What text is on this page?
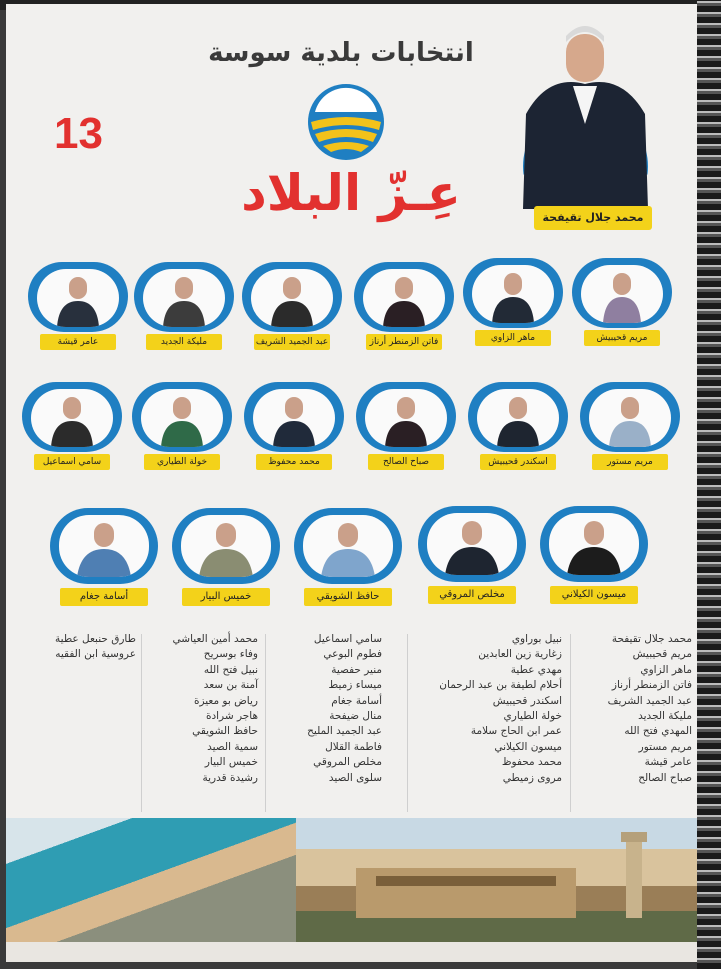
انتخابات بلدية سوسة
13
عِـزّ البلاد	محمد جلال تقيفحة
مريم قحيبيش
ماهر الزاوي
فاتن الزمنطر أرناز
عبد الجميد الشريف
مليكة الجديد
عامر قيشة
مريم مستور
اسكندر قحيبيش
صباح الصالح
محمد محفوظ
خولة الطياري
سامي اسماعيل
ميسون الكيلاني
مخلص المروقي
حافظ الشويقي
خميس البيار
أسامة جغام
محمد جلال تقيفحة
مريم قحيبيش
ماهر الزاوي
فاتن الزمنطر أرناز
عبد الجميد الشريف
مليكة الجديد
المهدي فتح الله
مريم مستور
عامر قيشة
صباح الصالح
نبيل بوراوي
زغارية زين العابدين
مهدي عطية
أحلام لطيفة بن عبد الرحمان
اسكندر قحيبيش
خولة الطياري
عمر ابن الحاج سلامة
ميسون الكيلاني
محمد محفوظ
مروى زميطي
سامي اسماعيل
فطوم البوعي
منير حفصية
ميساء زميط
أسامة جغام
منال ضيفحة
عبد الجميد المليح
فاطمة القلال
مخلص المروقي
سلوى الصيد
محمد أمين العياشي
وفاء بوسريح
نبيل فتح الله
آمنة بن سعد
رياض بو معيزة
هاجر شرادة
حافظ الشويقي
سمية الصيد
خميس البيار
رشيدة قدرية
طارق حنبعل عطية
عروسية ابن الفقيه
